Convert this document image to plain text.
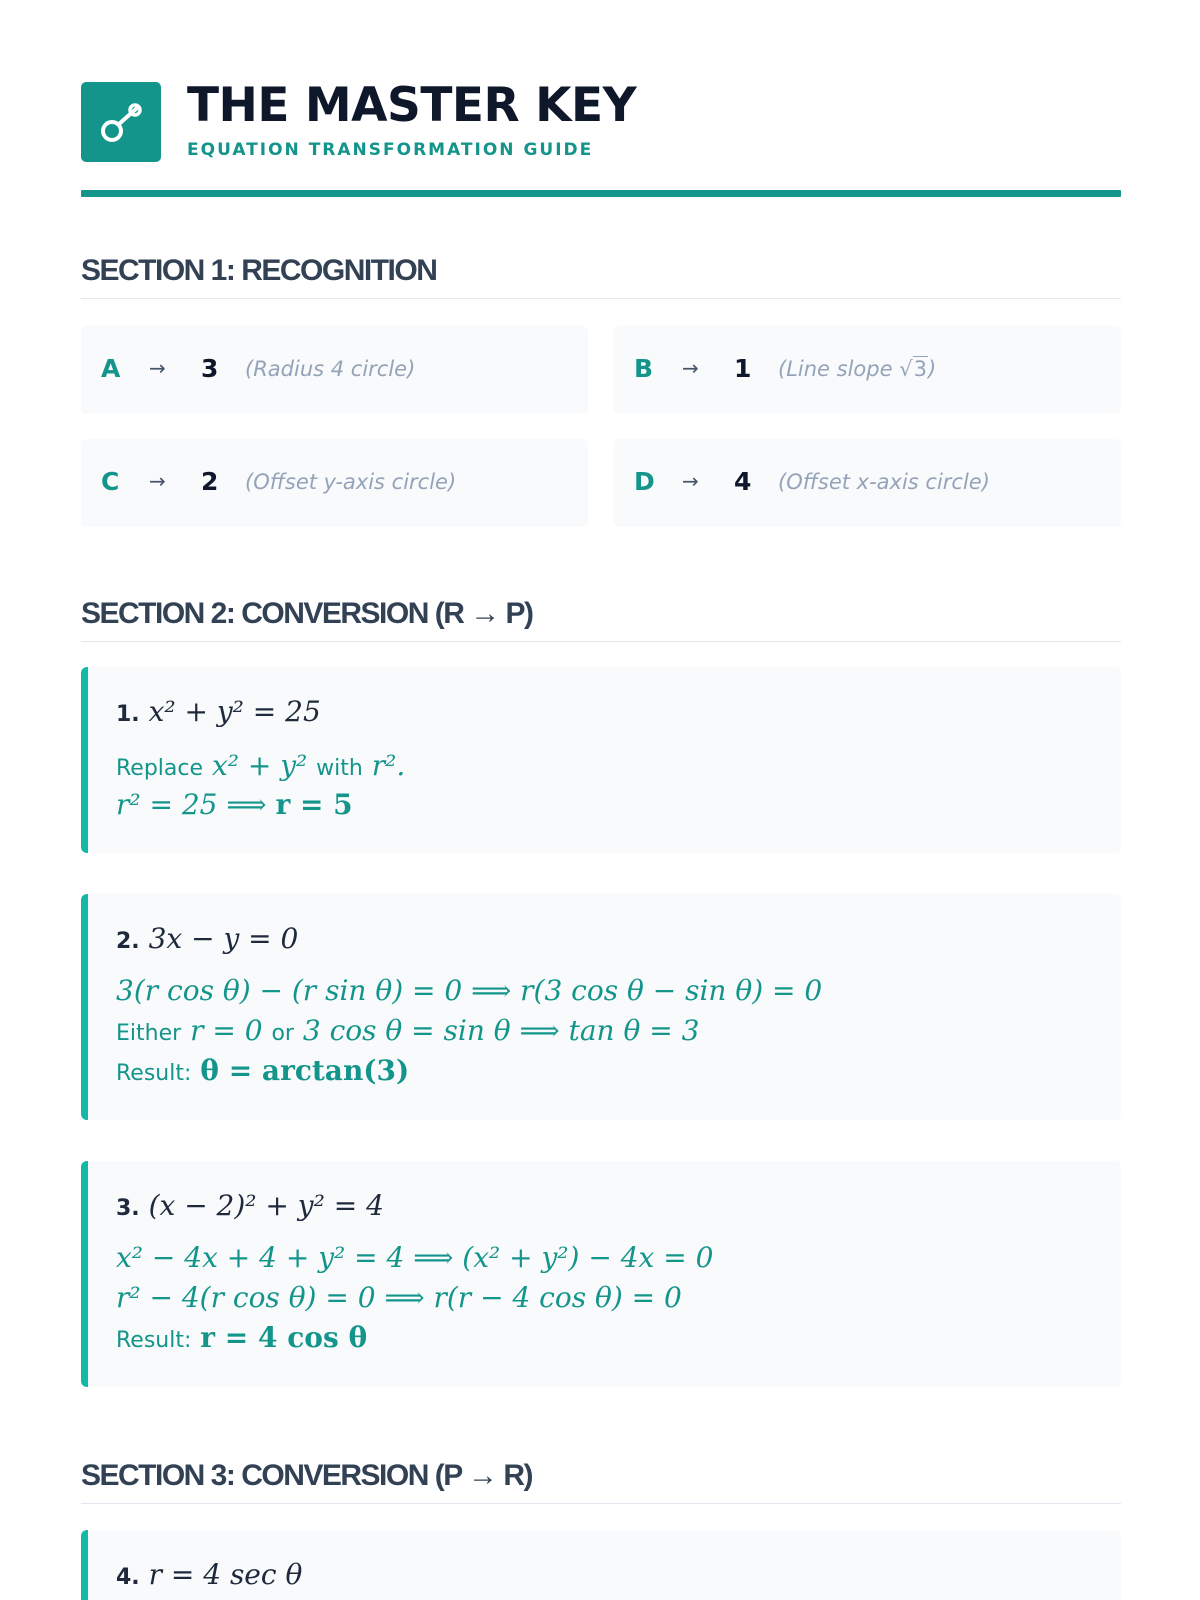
THE MASTER KEY
EQUATION TRANSFORMATION GUIDE
SECTION 1: RECOGNITION
A → 3 (Radius 4 circle)	B → 1 (Line slope √3)
C → 2 (Offset y-axis circle)	D → 4 (Offset x-axis circle)
SECTION 2: CONVERSION (R → P)
1. x² + y² = 25
Replace x² + y² with r².
r² = 25 ⟹ r = 5
2. 3x − y = 0
3(r cos θ) − (r sin θ) = 0 ⟹ r(3 cos θ − sin θ) = 0
Either r = 0 or 3 cos θ = sin θ ⟹ tan θ = 3
Result: θ = arctan(3)
3. (x − 2)² + y² = 4
x² − 4x + 4 + y² = 4 ⟹ (x² + y²) − 4x = 0
r² − 4(r cos θ) = 0 ⟹ r(r − 4 cos θ) = 0
Result: r = 4 cos θ
SECTION 3: CONVERSION (P → R)
4. r = 4 sec θ
